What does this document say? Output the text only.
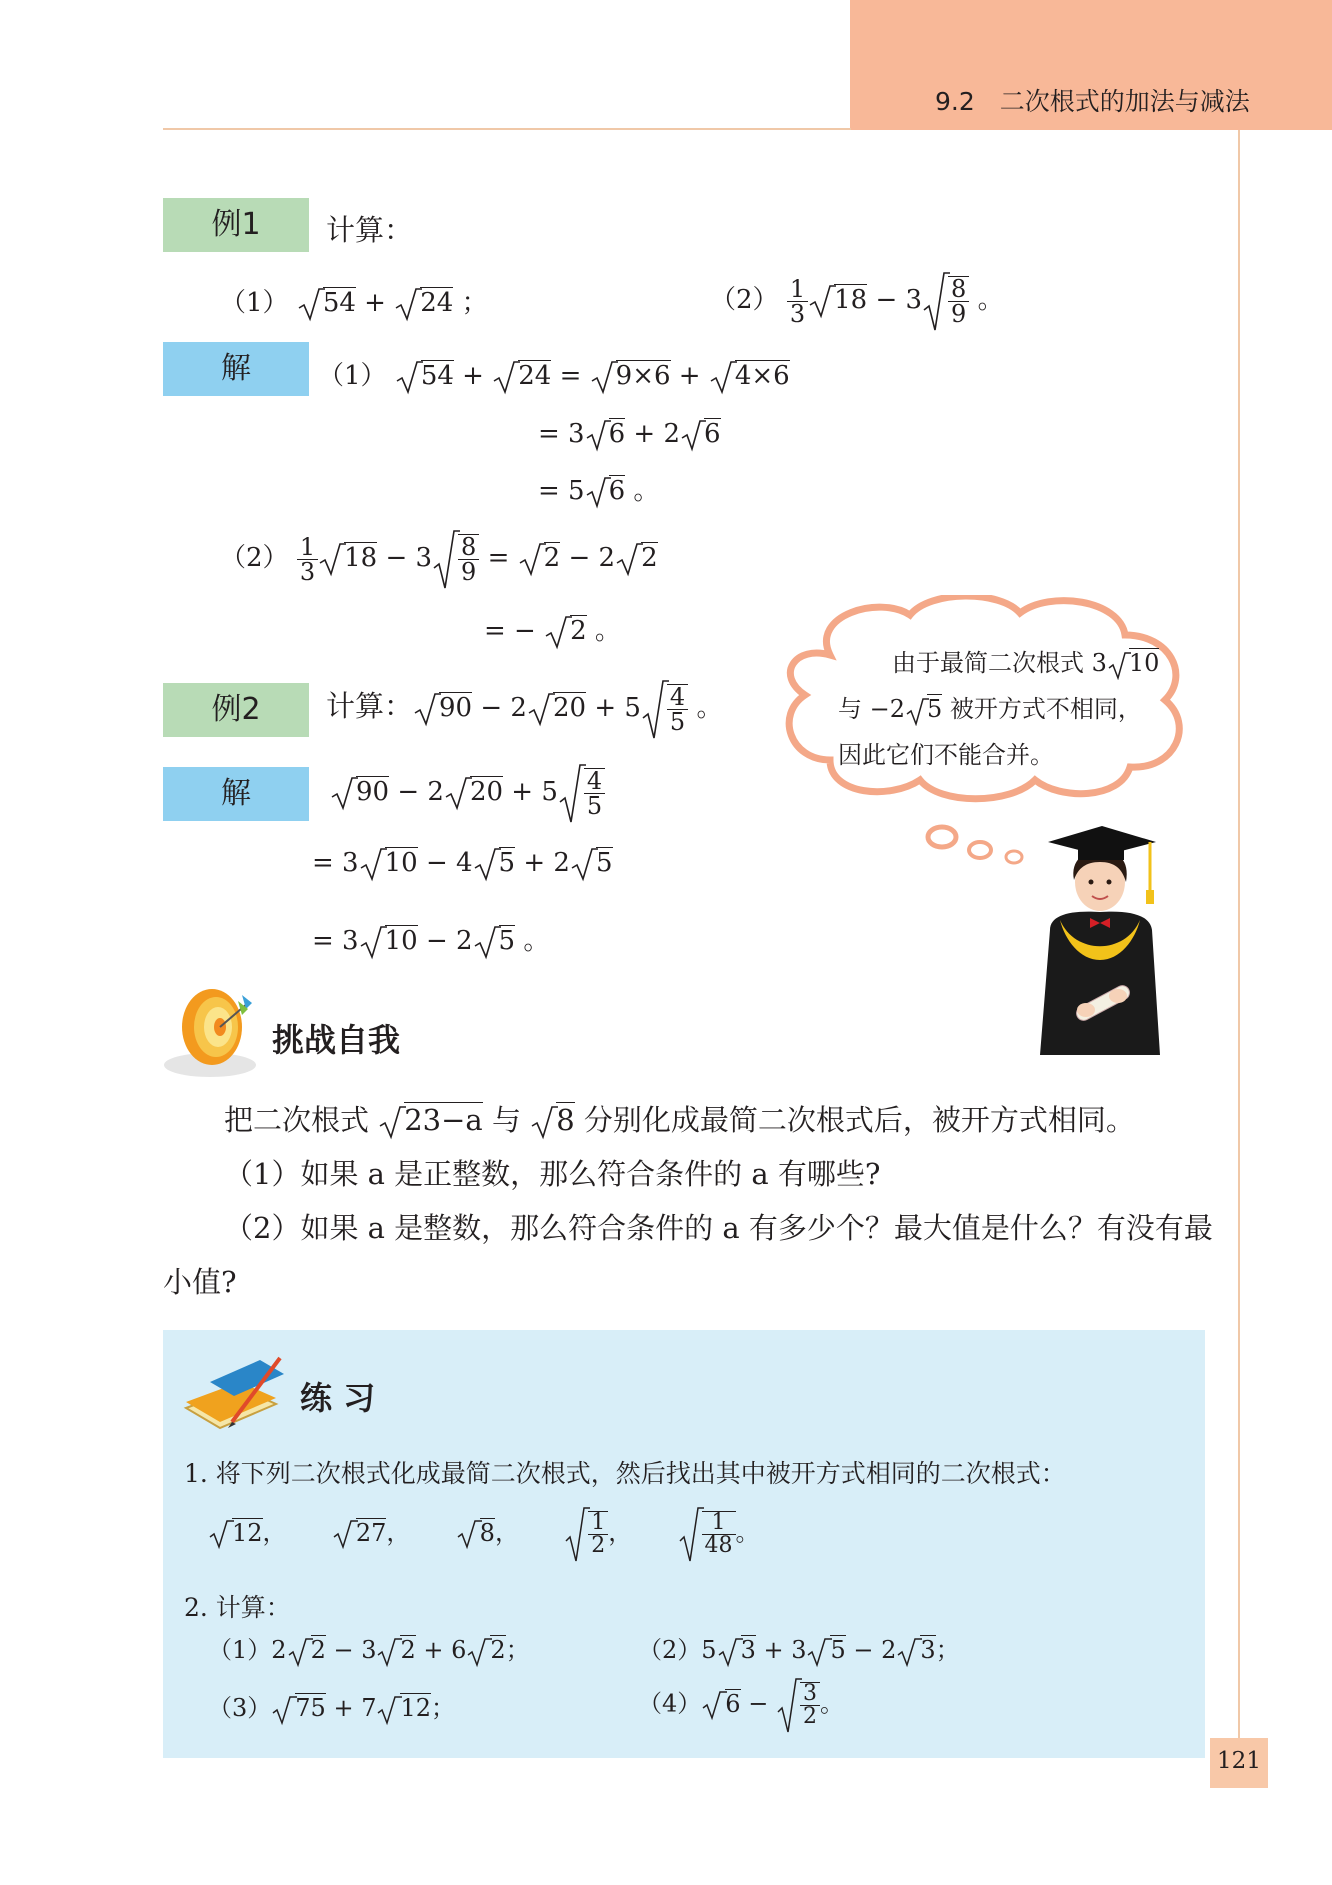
9.2　二次根式的加法与减法
例1	计算：
（1） 54 + 24 ；	$(2) \frac{1}{3} 18 - 3 \frac{8}{9}$ 。
解	（1） 54 + 24 = 9×6 + 4×6
= 3 6 + 2 6
= 5 6 。
$(2) \frac{1}{3} 18 - 3 \frac{8}{9} = 2 - 2$ 2
= − 2 。
例2	计算： 90 − 2 $20 + 5 \frac{4}{5}$ 。
解	90 − 2 $20 + 5 \frac{4}{5}$
= 3 10 − 4 5 + 2 5
= 3 10 − 2 5 。
由于最简二次根式 3 10
与 −2 5 被开方式不相同，
因此它们不能合并。
挑战自我
把二次根式 23−a 与 8 分别化成最简二次根式后，被开方式相同。
（1）如果 a 是正整数，那么符合条件的 a 有哪些?
（2）如果 a 是整数，那么符合条件的 a 有多少个？最大值是什么？有没有最
小值?
练 习
1. 将下列二次根式化成最简二次根式，然后找出其中被开方式相同的二次根式：
12，	27，	8，	$\frac{1}{2}$ ，	$\frac{1}{48}$ 。
2. 计算：
（1）2 2 − 3 2 + 6 2；	（2）5 3 + 3 5 − 2 3；
（3） 75 + 7 12；	（4） $6 - \frac{3}{2}$ 。
121
